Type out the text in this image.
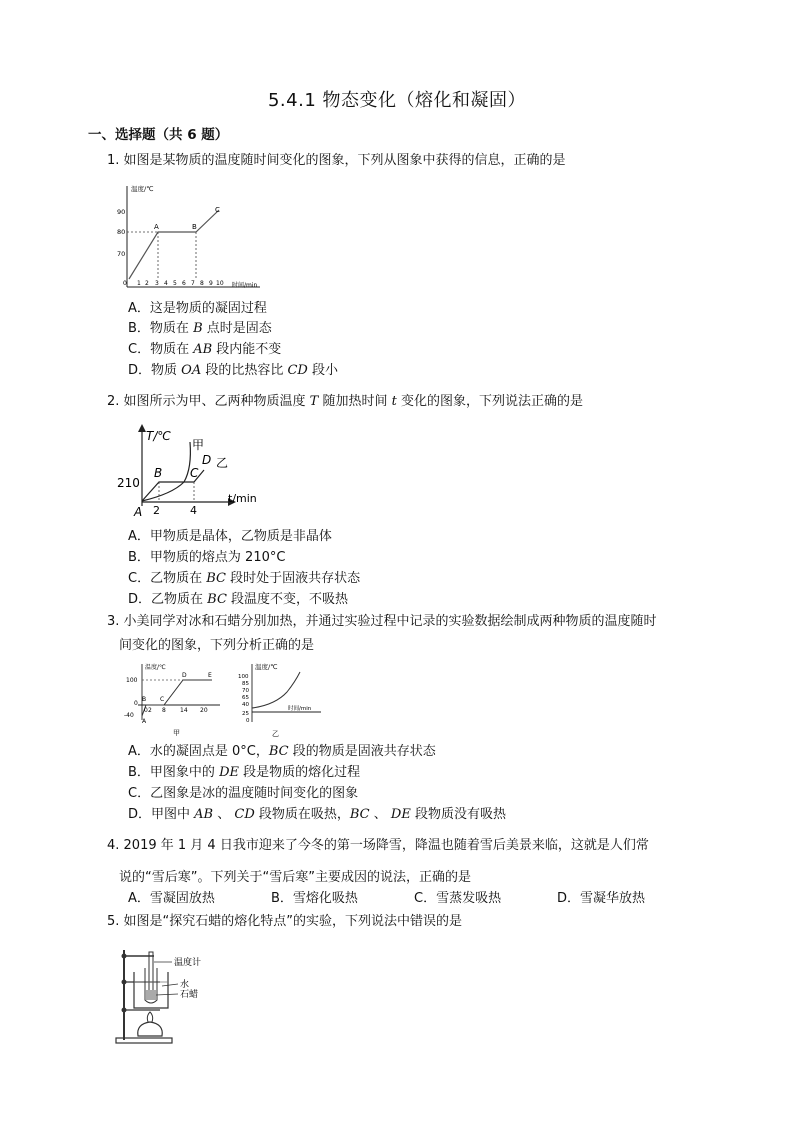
5.4.1 物态变化（熔化和凝固）
一、选择题（共 6 题）
1. 如图是某物质的温度随时间变化的图象，下列从图象中获得的信息，正确的是
温度/℃
时间/min
90
80
70
0 1 2 3 4 5 6 7 8 9 10
A	B
C
A．这是物质的凝固过程
B．物质在 B 点时是固态
C．物质在 AB 段内能不变
D．物质 OA 段的比热容比 CD 段小
2. 如图所示为甲、乙两种物质温度 T 随加热时间 t 变化的图象，下列说法正确的是
T/℃
t/min
210
2	4
A
B C
D
甲
乙
A．甲物质是晶体，乙物质是非晶体
B．甲物质的熔点为 210°C
C．乙物质在 BC 段时处于固液共存状态
D．乙物质在 BC 段温度不变，不吸热
3. 小美同学对冰和石蜡分别加热，并通过实验过程中记录的实验数据绘制成两种物质的温度随时
间变化的图象，下列分析正确的是
温度/℃
100
0
-40
0 2 8 14 20
A
B C
D	E
甲
温度/℃
100
85
70
65
40
25
0
时间/min
乙
A．水的凝固点是 0°C，BC 段的物质是固液共存状态
B．甲图象中的 DE 段是物质的熔化过程
C．乙图象是冰的温度随时间变化的图象
D．甲图中 AB 、 CD 段物质在吸热，BC 、 DE 段物质没有吸热
4. 2019 年 1 月 4 日我市迎来了今冬的第一场降雪，降温也随着雪后美景来临，这就是人们常
说的“雪后寒”。下列关于“雪后寒”主要成因的说法，正确的是
A．雪凝固放热	B．雪熔化吸热	C．雪蒸发吸热	D．雪凝华放热
5. 如图是“探究石蜡的熔化特点”的实验，下列说法中错误的是
温度计
水
石蜡
